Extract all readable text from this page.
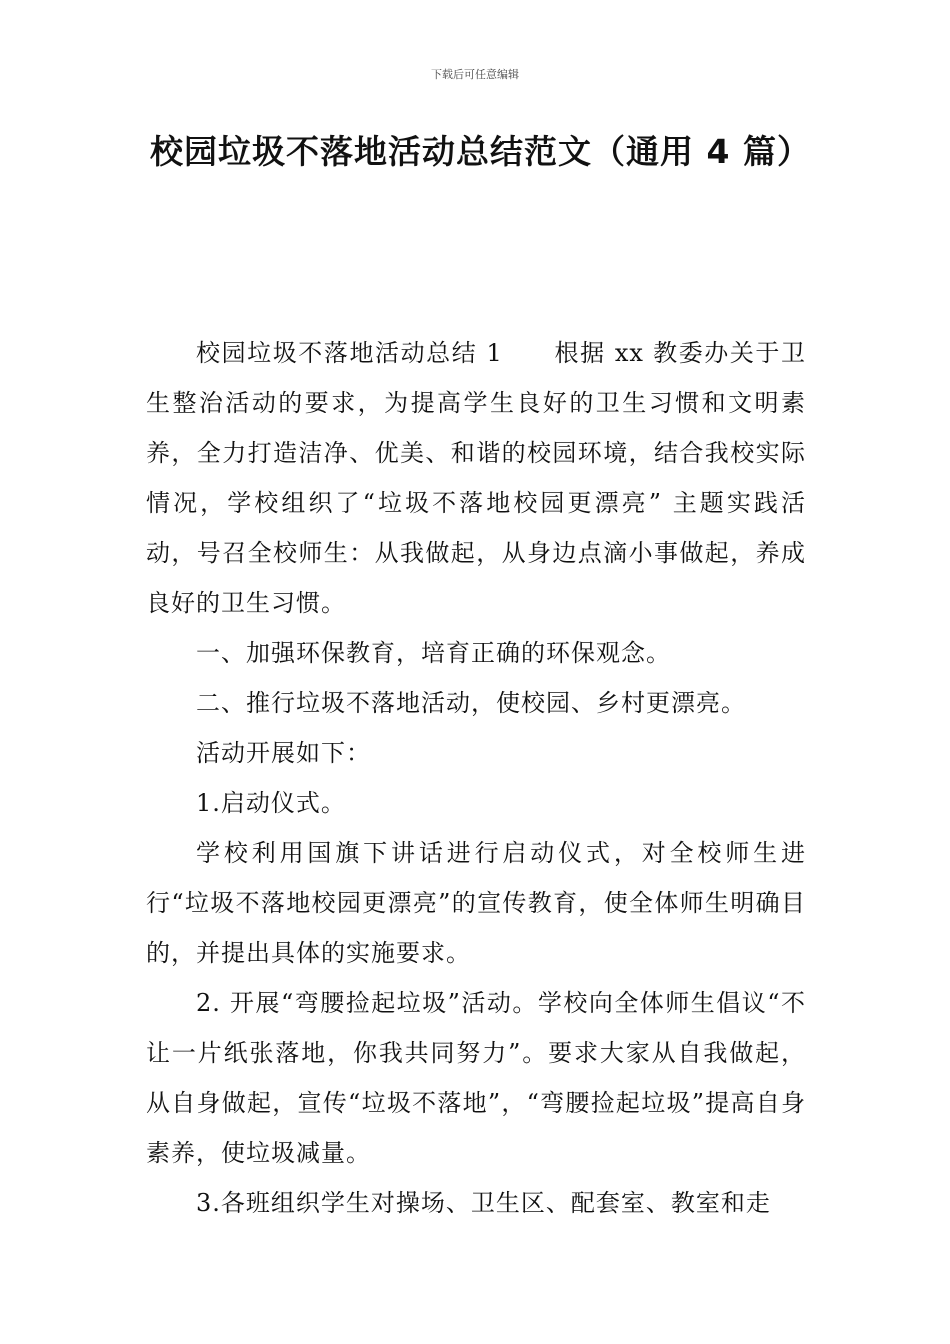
下载后可任意编辑
校园垃圾不落地活动总结范文（通用 4 篇）

校园垃圾不落地活动总结 1　　根据 xx 教委办关于卫生整治活动的要求，为提高学生良好的卫生习惯和文明素养，全力打造洁净、优美、和谐的校园环境，结合我校实际情况，学校组织了“垃圾不落地校园更漂亮” 主题实践活动，号召全校师生：从我做起，从身边点滴小事做起，养成良好的卫生习惯。

一、加强环保教育，培育正确的环保观念。

二、推行垃圾不落地活动，使校园、乡村更漂亮。

活动开展如下：

1.启动仪式。

学校利用国旗下讲话进行启动仪式，对全校师生进行“垃圾不落地校园更漂亮”的宣传教育，使全体师生明确目的，并提出具体的实施要求。

2. 开展“弯腰捡起垃圾”活动。学校向全体师生倡议“不让一片纸张落地，你我共同努力”。要求大家从自我做起，从自身做起，宣传“垃圾不落地”，“弯腰捡起垃圾”提高自身素养，使垃圾减量。

3.各班组织学生对操场、卫生区、配套室、教室和走
